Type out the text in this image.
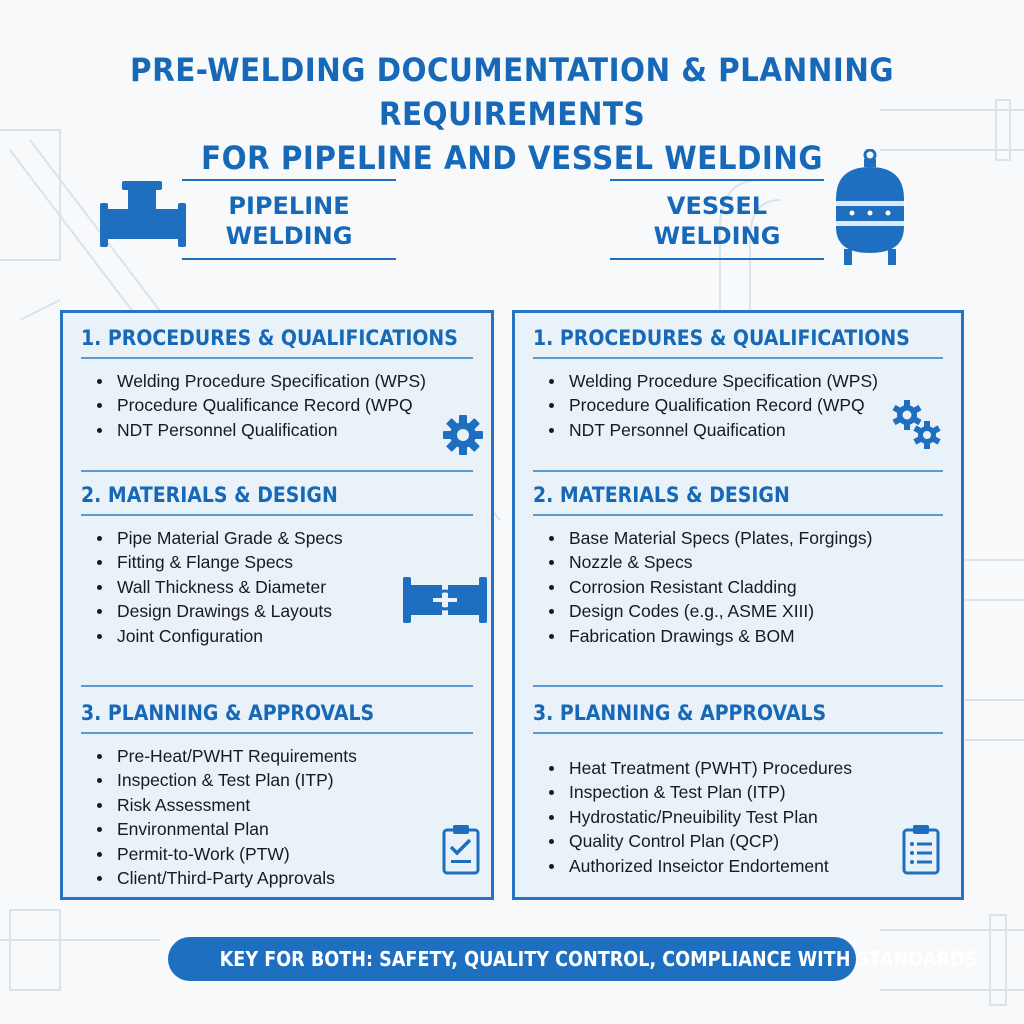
PRE-WELDING DOCUMENTATION & PLANNING REQUIREMENTS
FOR PIPELINE AND VESSEL WELDING
PIPELINE
WELDING
VESSEL
WELDING
1. PROCEDURES & QUALIFICATIONS
Welding Procedure Specification (WPS)
Procedure Qualificance Record (WPQ
NDT Personnel Qualification
2. MATERIALS & DESIGN
Pipe Material Grade & Specs
Fitting & Flange Specs
Wall Thickness & Diameter
Design Drawings & Layouts
Joint Configuration
3. PLANNING & APPROVALS
Pre-Heat/PWHT Requirements
Inspection & Test Plan (ITP)
Risk Assessment
Environmental Plan
Permit-to-Work (PTW)
Client/Third-Party Approvals
1. PROCEDURES & QUALIFICATIONS
Welding Procedure Specification (WPS)
Procedure Qualification Record (WPQ
NDT Personnel Quaification
2. MATERIALS & DESIGN
Base Material Specs (Plates, Forgings)
Nozzle & Specs
Corrosion Resistant Cladding
Design Codes (e.g., ASME XIII)
Fabrication Drawings & BOM
3. PLANNING & APPROVALS
Heat Treatment (PWHT) Procedures
Inspection & Test Plan (ITP)
Hydrostatic/Pneuibility Test Plan
Quality Control Plan (QCP)
Authorized Inseictor Endortement
KEY FOR BOTH: SAFETY, QUALITY CONTROL, COMPLIANCE WITH STANDARDS
